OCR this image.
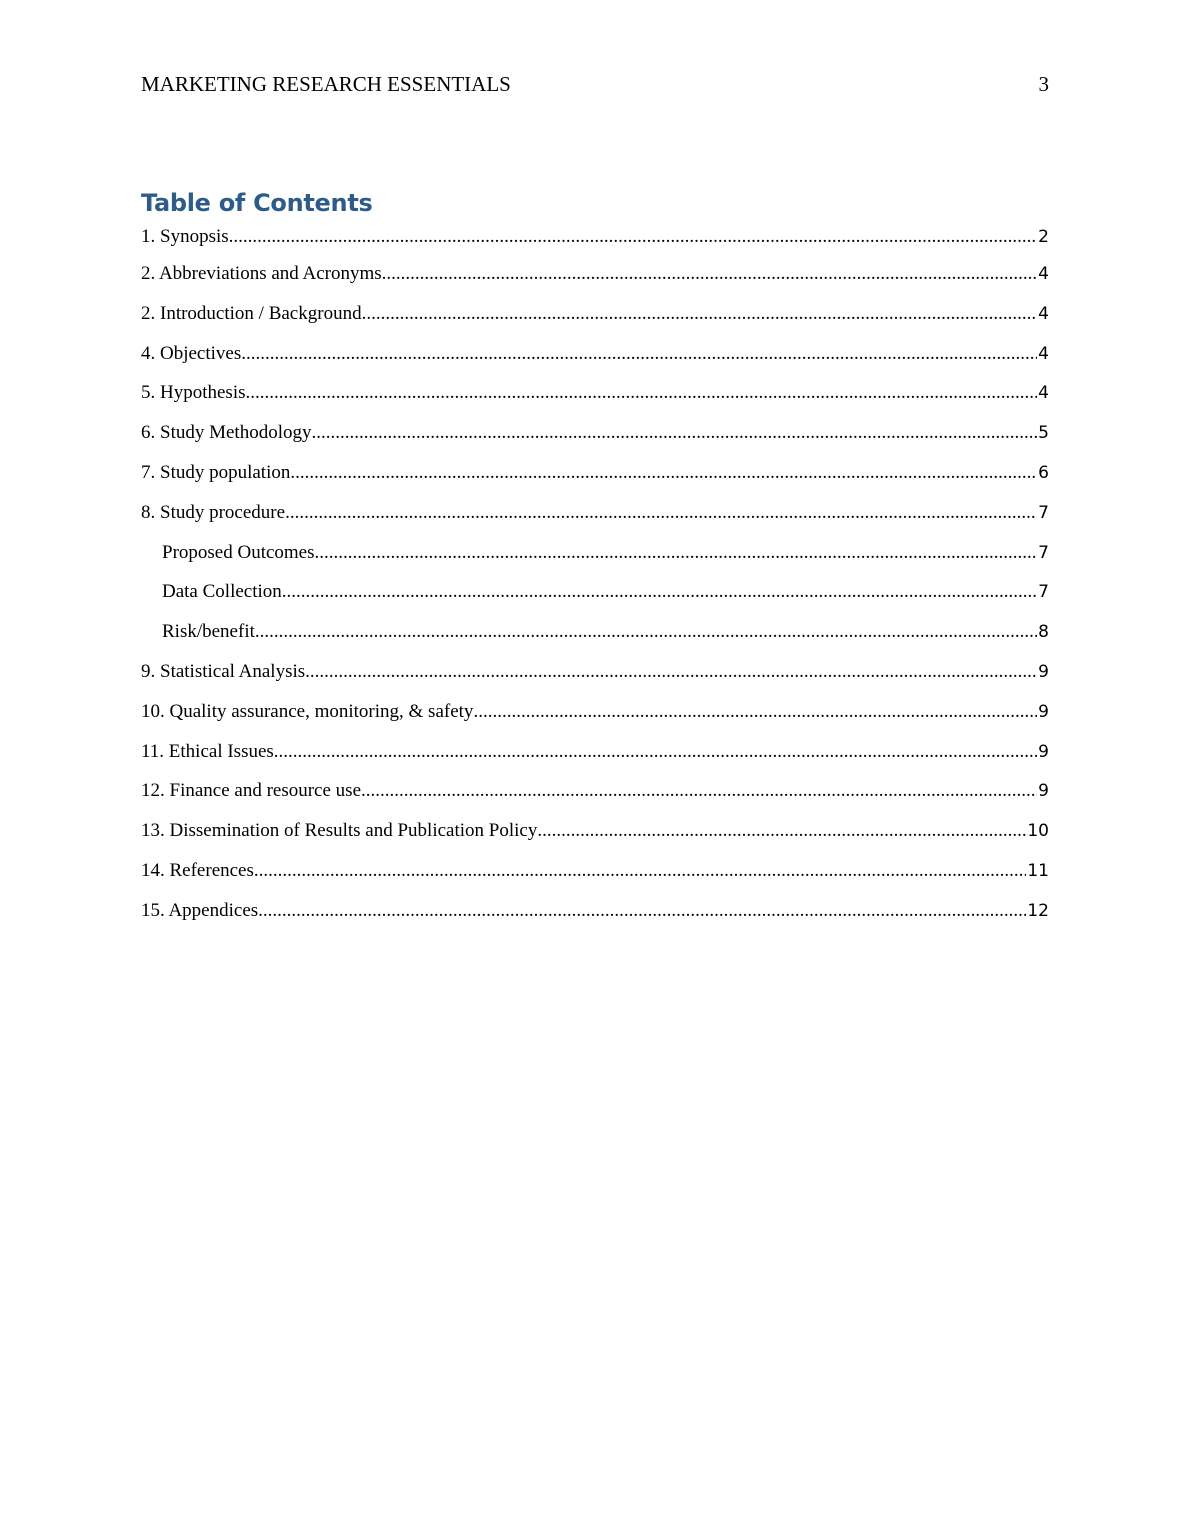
MARKETING RESEARCH ESSENTIALS	3
Table of Contents
1. Synopsis .....	2
2. Abbreviations and Acronyms .....	4
2. Introduction / Background .....	4
4. Objectives .....	4
5. Hypothesis .....	4
6. Study Methodology .....	5
7. Study population .....	6
8. Study procedure .....	7
Proposed Outcomes .....	7
Data Collection .....	7
Risk/benefit .....	8
9. Statistical Analysis .....	9
10. Quality assurance, monitoring, & safety .....	9
11. Ethical Issues .....	9
12. Finance and resource use .....	9
13. Dissemination of Results and Publication Policy .....	10
14. References .....	11
15. Appendices .....	12
